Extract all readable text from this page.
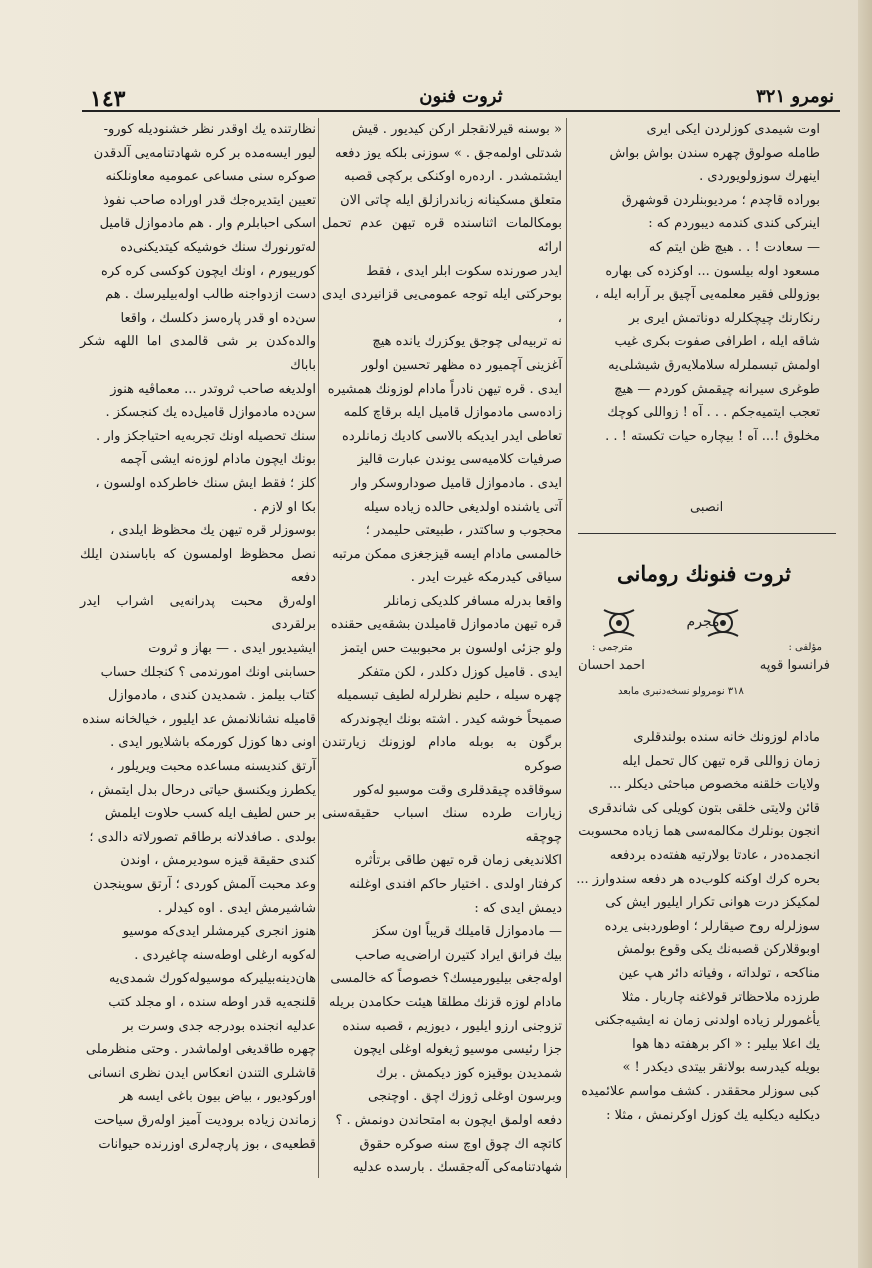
١٤٣	ثروت فنون	نومرو ٣٢١

اوت شيمدى كوزلردن ايكى ايرى

طامله صولوق چهره سندن بواش بواش

اينهرك سوزولويوردى .

بوراده قاچدم ؛ مرديوبنلردن قوشهرق

اينركى كندى كندمه ديبوردم كه :

— سعادت ! . . هيچ ظن ايتم كه

مسعود اوله بيلسون ... اوكزده كى بهاره

بوزوللى فقير معلمه‌يى آچيق بر آرابه ايله ،

رنكارنك چيچكلرله دوناتمش ايرى بر

شاقه ايله ، اطرافى صفوت بكرى غيب

اولمش تبسملرله سلاملايه‌رق شيشلى‌يه

طوغرى سيرانه چيقمش كوردم — هيچ

تعجب ايتميه‌جكم . . . آه ! زواللى كوچك

مخلوق !... آه ! بيچاره حيات تكسته ! . .

انصبى
ثروت فنونك رومانى
مجرم
مؤلفى :
فرانسوا قوپه
مترجمى :
احمد احسان
٣١٨ نومرولو نسخه‌دنبرى مابعد

مادام لوزونك خانه سنده بولندقلرى

زمان زواللى قره تيهن كال تحمل ايله

ولايات خلقنه مخصوص مباحثى ديكلر ...

قائن ولايتى خلقى بتون كويلى كى شاندقرى

انجون بونلرك مكالمه‌سى هما زياده محسوبت

انجمده‌در ، عادتا بولارتيه هفته‌ده بردفعه

بحره كرك اوكنه كلوب‌ده هر دفعه سند‌وار‌ز ...

لمكيكز درت هوانى تكرار ايليور ايش كى

سوزلرله روح صيقارلر ؛ اوطوردبنى يرده

اوبوقلاركن قصبه‌نك يكى وقوع بولمش

مناكحه ، تولداته ، وفياته دائر هپ عين

طرزده ملاحظاتر قولاغنه چاربار . مثلا

يأغمورلر زياده اولدنى زمان نه ايشيه‌جكنى

يك اعلا بيلير : « اكر برهفته دها هوا

بويله كيدرسه بولانقر بيتدى ديكدر ! »

كبى سوزلر محققدر . كشف مواسم علائميده

ديكليه ديكليه يك كوزل اوكرنمش ، مثلا :

« بوسنه قيرلانقجلر اركن كيديور . قيش

شدتلى اولمه‌جق . » سوزنى بلكه يوز دفعه

ايشتمشدر . ارده‌ره اوكنكى بركچى قصبه

متعلق مسكينانه زباندرازلق ايله چاتى الان

بومكالمات اثناسنده قره تيهن عدم تحمل ارائه

ايدر صورنده سكوت ابلر ايدى ، فقط

بوحركتى ايله توجه عمومى‌يى قزانيردى ايدى ،

نه تربيه‌لى چوجق يوكزرك يانده هيچ

آغزينى آچميور ده مظهر تحسين اولور

ايدى . قره تيهن نادراً مادام لوزونك همشيره

زاده‌سى مادموازل قاميل ايله برقاچ كلمه

تعاطى ايدر ايديكه بالاسى كاديك زمانلرده

صرفيات كلاميه‌سى يوندن عبارت قاليز

ايدى . مادموازل قاميل صوداروسكر وار

آتى ياشنده اولديغى حالده زياده سيله

محجوب و ساكتدر ، طبيعتى حليمدر ؛

خالمسى مادام ايسه قيزجغزى ممكن مرتبه

سياقى كيدرمكه غيرت ايدر .

واقعا بدرله مسافر كلديكى زمانلر

قره تيهن مادموازل قاميلدن بشقه‌يى حقنده

ولو جزئى اولسون بر محبوبيت حس ايتمز

ايدى . قاميل كوزل دكلدر ، لكن متفكر

چهره سيله ، حليم نظرلرله لطيف تبسميله

صميحاً خوشه كيدر . اشته بونك ايچوندركه

برگون به بوبله مادام لوزونك زيارتندن صوكره

سوقاقده چيقدقلرى وقت موسيو له‌كور

زيارات طرده سنك اسباب حقيقه‌سنى چوچقه

اكلانديغى زمان قره تيهن طاقى برتأثره

كرفتار اولدى . اختيار حاكم افندى اوغلنه

ديمش ايدى كه :

— مادموازل قاميلك قريباً اون سكز

بيك فرانق ايراد كتيرن اراضى‌يه صاحب

اوله‌جغى بيليورميسك؟ خصوصاً كه خالمسى

مادام لوزه قزنك مطلقا هيئت حكامدن بريله

تزوجنى ارزو ايليور ، ديوزيم ، قصبه سنده

جزا رئيسى موسيو ژيغوله اوغلى ايچون

شمديدن بوقيزه كوز ديكمش . برك

وبرسون اوغلى ژوزك اچق . اوچنجى

دفعه اولمق ايچون به امتحاندن دونمش . ؟

كاتچه اك چوق اوچ سنه صوكره حقوق

شهادتنامه‌كى آله‌جقسك . بارسده عدليه

نظارتنده يك اوقدر نظر خشنوديله كورو-

ليور ايسه‌مده بر كره شهادتنامه‌يى آلدقدن

صوكره سنى مساعى عموميه معاونلكنه

تعيين ايتديره‌جك قدر اوراده صاحب نفوذ

اسكى احبابلرم وار . هم مادموازل قاميل

له‌تورنورك سنك خوشيكه كيتديكنى‌ده

كورييورم ، اونك ايچون كوكسى كره كره

دست ازدواجنه طالب اوله‌بيليرسك . هم

سن‌ده او قدر پاره‌سز دكلسك ، واقعا

والده‌كدن بر شى قالمدى اما اللهه شكر باباك

اولديغه صاحب ثروتدر ... معماڤيه هنوز

سن‌ده مادموازل قاميل‌ده يك كنجسكز .

سنك تحصيله اونك تجربه‌يه احتياجكز وار .

بونك ايچون مادام لوزه‌نه ايشى آچمه

كلز ؛ فقط ايش سنك خاطركده اولسون ،

بكا او لازم .

بوسوزلر قره تيهن يك محظوظ ايلدى ،

نصل محظوظ اولمسون كه باباسندن ايلك دفعه

اوله‌رق محبت پدرانه‌يى اشراب ايدر برلقردى

ايشيديور ايدى . — بهاز و ثروت

حسابنى اونك امورندمى ؟ كنجلك حساب

كتاب بيلمز . شمديدن كندى ، مادموازل

قاميله نشانلانمش عد ايليور ، خيالخانه سنده

اونى دها كوزل كورمكه باشلايور ايدى .

آرتق كنديسنه مساعده محبت ويريلور ،

يكطرز ويكنسق حياتى درحال بدل ايتمش ،

بر حس لطيف ايله كسب حلاوت ايلمش

بولدى . صافدلانه برطاقم تصورلاته دالدى ؛

كندى حقيقة قيزه سوديرمش ، اوندن

وعد محبت آلمش كوردى ؛ آرتق سوينجدن

شاشيرمش ايدى . اوه كيدلر .

هنوز انجرى كيرمشلر ايدى‌كه موسيو

له‌كوبه ارغلى اوطه‌سنه چاغيردى .

هان‌دينه‌بيليركه موسيوله‌كورك شمدى‌يه

قلنجه‌يه قدر اوطه سنده ، او مجلد كتب

عدليه انجنده بودرجه جدى وسرت بر

چهره طاقديغى اولماشدر . وحتى منظرملى

قاشلرى التندن انعكاس ايدن نظرى انسانى

اوركوديور ، بياض بيون باغى ايسه هر

زماندن زياده بروديت آميز اوله‌رق سياحت

قطعيه‌ى ، بوز پارچه‌لرى اوزرنده حيوانات
